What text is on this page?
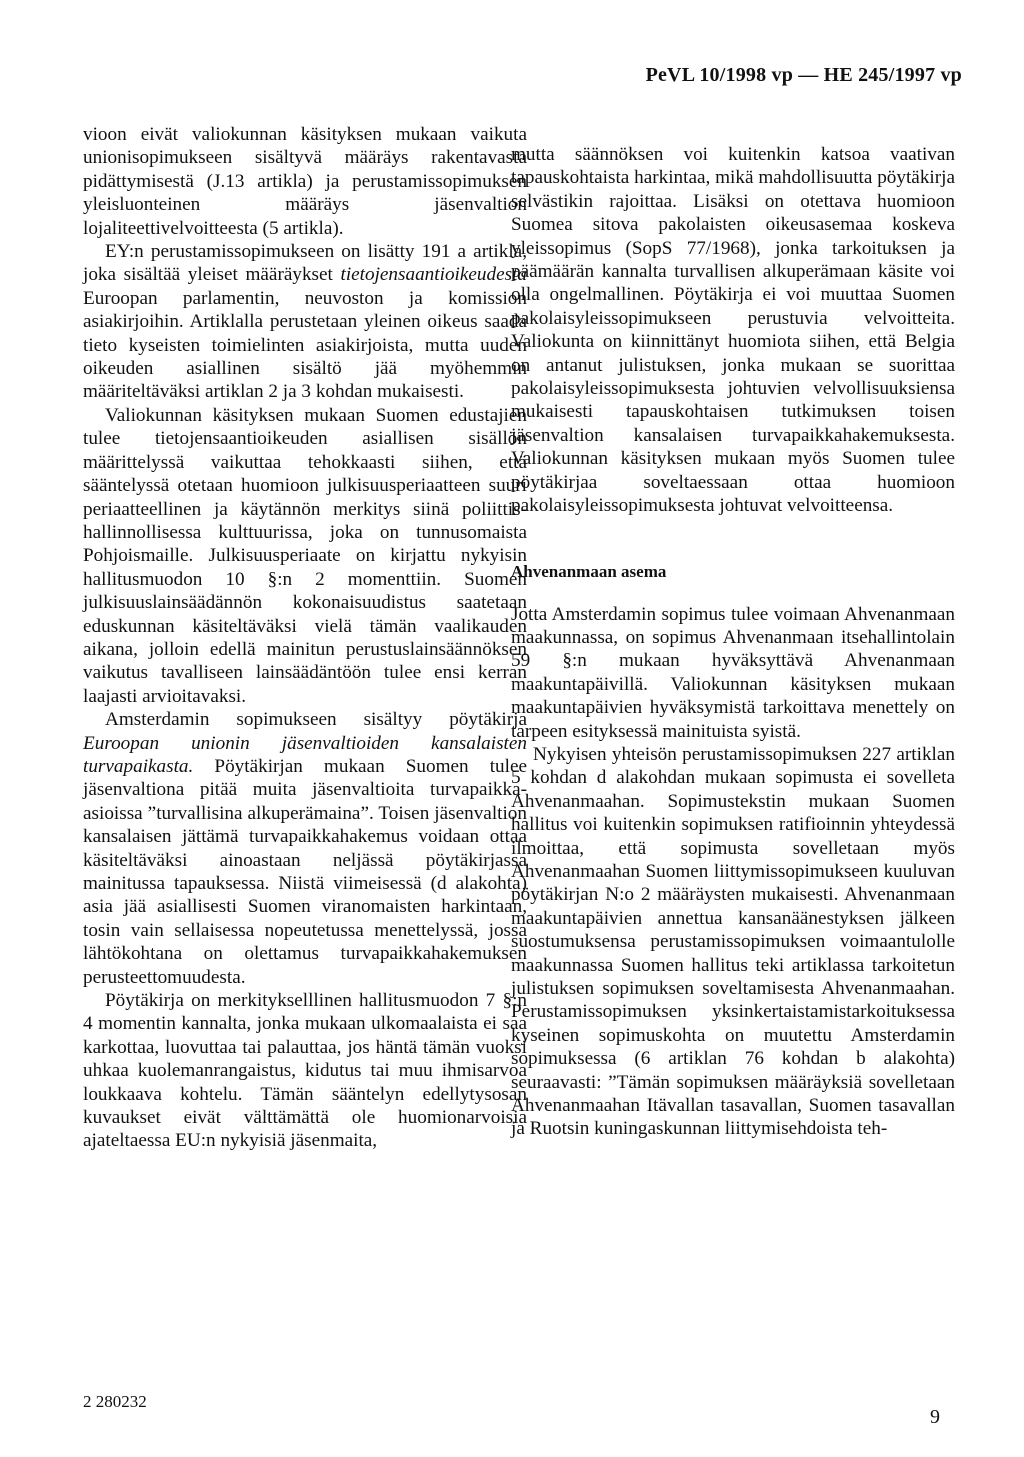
PeVL 10/1998 vp — HE 245/1997 vp

vioon eivät valiokunnan käsityksen mukaan vaikuta unionisopimukseen sisältyvä määräys rakentavasta pidättymisestä (J.13 artikla) ja perustamissopimuksen yleisluonteinen määräys jäsenvaltion lojaliteettivelvoitteesta (5 artikla).

EY:n perustamissopimukseen on lisätty 191 a artikla, joka sisältää yleiset määräykset tietojensaantioikeudesta Euroopan parlamentin, neuvoston ja komission asiakirjoihin. Artiklalla perustetaan yleinen oikeus saada tieto kyseisten toimielinten asiakirjoista, mutta uuden oikeuden asiallinen sisältö jää myöhemmin määriteltäväksi artiklan 2 ja 3 kohdan mukaisesti.

Valiokunnan käsityksen mukaan Suomen edustajien tulee tietojensaantioikeuden asiallisen sisällön määrittelyssä vaikuttaa tehokkaasti siihen, että sääntelyssä otetaan huomioon julkisuusperiaatteen suuri periaatteellinen ja käytännön merkitys siinä poliittis-hallinnollisessa kulttuurissa, joka on tunnusomaista Pohjoismaille. Julkisuusperiaate on kirjattu nykyisin hallitusmuodon 10 §:n 2 momenttiin. Suomen julkisuuslainsäädännön kokonaisuudistus saatetaan eduskunnan käsiteltäväksi vielä tämän vaalikauden aikana, jolloin edellä mainitun perustuslainsäännöksen vaikutus tavalliseen lainsäädäntöön tulee ensi kerran laajasti arvioitavaksi.

Amsterdamin sopimukseen sisältyy pöytäkirja Euroopan unionin jäsenvaltioiden kansalaisten turvapaikasta. Pöytäkirjan mukaan Suomen tulee jäsenvaltiona pitää muita jäsenvaltioita turvapaikka-asioissa ”turvallisina alkuperämaina”. Toisen jäsenvaltion kansalaisen jättämä turvapaikkahakemus voidaan ottaa käsiteltäväksi ainoastaan neljässä pöytäkirjassa mainitussa tapauksessa. Niistä viimeisessä (d alakohta) asia jää asiallisesti Suomen viranomaisten harkintaan, tosin vain sellaisessa nopeutetussa menettelyssä, jossa lähtökohtana on olettamus turvapaikkahakemuksen perusteettomuudesta.

Pöytäkirja on merkitykselllinen hallitusmuodon 7 §:n 4 momentin kannalta, jonka mukaan ulkomaalaista ei saa karkottaa, luovuttaa tai palauttaa, jos häntä tämän vuoksi uhkaa kuolemanrangaistus, kidutus tai muu ihmisarvoa loukkaava kohtelu. Tämän sääntelyn edellytysosan kuvaukset eivät välttämättä ole huomionarvoisia ajateltaessa EU:n nykyisiä jäsenmaita,

mutta säännöksen voi kuitenkin katsoa vaativan tapauskohtaista harkintaa, mikä mahdollisuutta pöytäkirja selvästikin rajoittaa. Lisäksi on otettava huomioon Suomea sitova pakolaisten oikeusasemaa koskeva yleissopimus (SopS 77/1968), jonka tarkoituksen ja päämäärän kannalta turvallisen alkuperämaan käsite voi olla ongelmallinen. Pöytäkirja ei voi muuttaa Suomen pakolaisyleissopimukseen perustuvia velvoitteita. Valiokunta on kiinnittänyt huomiota siihen, että Belgia on antanut julistuksen, jonka mukaan se suorittaa pakolaisyleissopimuksesta johtuvien velvollisuuksiensa mukaisesti tapauskohtaisen tutkimuksen toisen jäsenvaltion kansalaisen turvapaikkahakemuksesta. Valiokunnan käsityksen mukaan myös Suomen tulee pöytäkirjaa soveltaessaan ottaa huomioon pakolaisyleissopimuksesta johtuvat velvoitteensa.

Ahvenanmaan asema

Jotta Amsterdamin sopimus tulee voimaan Ahvenanmaan maakunnassa, on sopimus Ahvenanmaan itsehallintolain 59 §:n mukaan hyväksyttävä Ahvenanmaan maakuntapäivillä. Valiokunnan käsityksen mukaan maakuntapäivien hyväksymistä tarkoittava menettely on tarpeen esityksessä mainituista syistä.

Nykyisen yhteisön perustamissopimuksen 227 artiklan 5 kohdan d alakohdan mukaan sopimusta ei sovelleta Ahvenanmaahan. Sopimustekstin mukaan Suomen hallitus voi kuitenkin sopimuksen ratifioinnin yhteydessä ilmoittaa, että sopimusta sovelletaan myös Ahvenanmaahan Suomen liittymissopimukseen kuuluvan pöytäkirjan N:o 2 määräysten mukaisesti. Ahvenanmaan maakuntapäivien annettua kansanäänestyksen jälkeen suostumuksensa perustamissopimuksen voimaantulolle maakunnassa Suomen hallitus teki artiklassa tarkoitetun julistuksen sopimuksen soveltamisesta Ahvenanmaahan. Perustamissopimuksen yksinkertaistamistarkoituksessa kyseinen sopimuskohta on muutettu Amsterdamin sopimuksessa (6 artiklan 76 kohdan b alakohta) seuraavasti: ”Tämän sopimuksen määräyksiä sovelletaan Ahvenanmaahan Itävallan tasavallan, Suomen tasavallan ja Ruotsin kuningaskunnan liittymisehdoista teh-

2 280232
9
